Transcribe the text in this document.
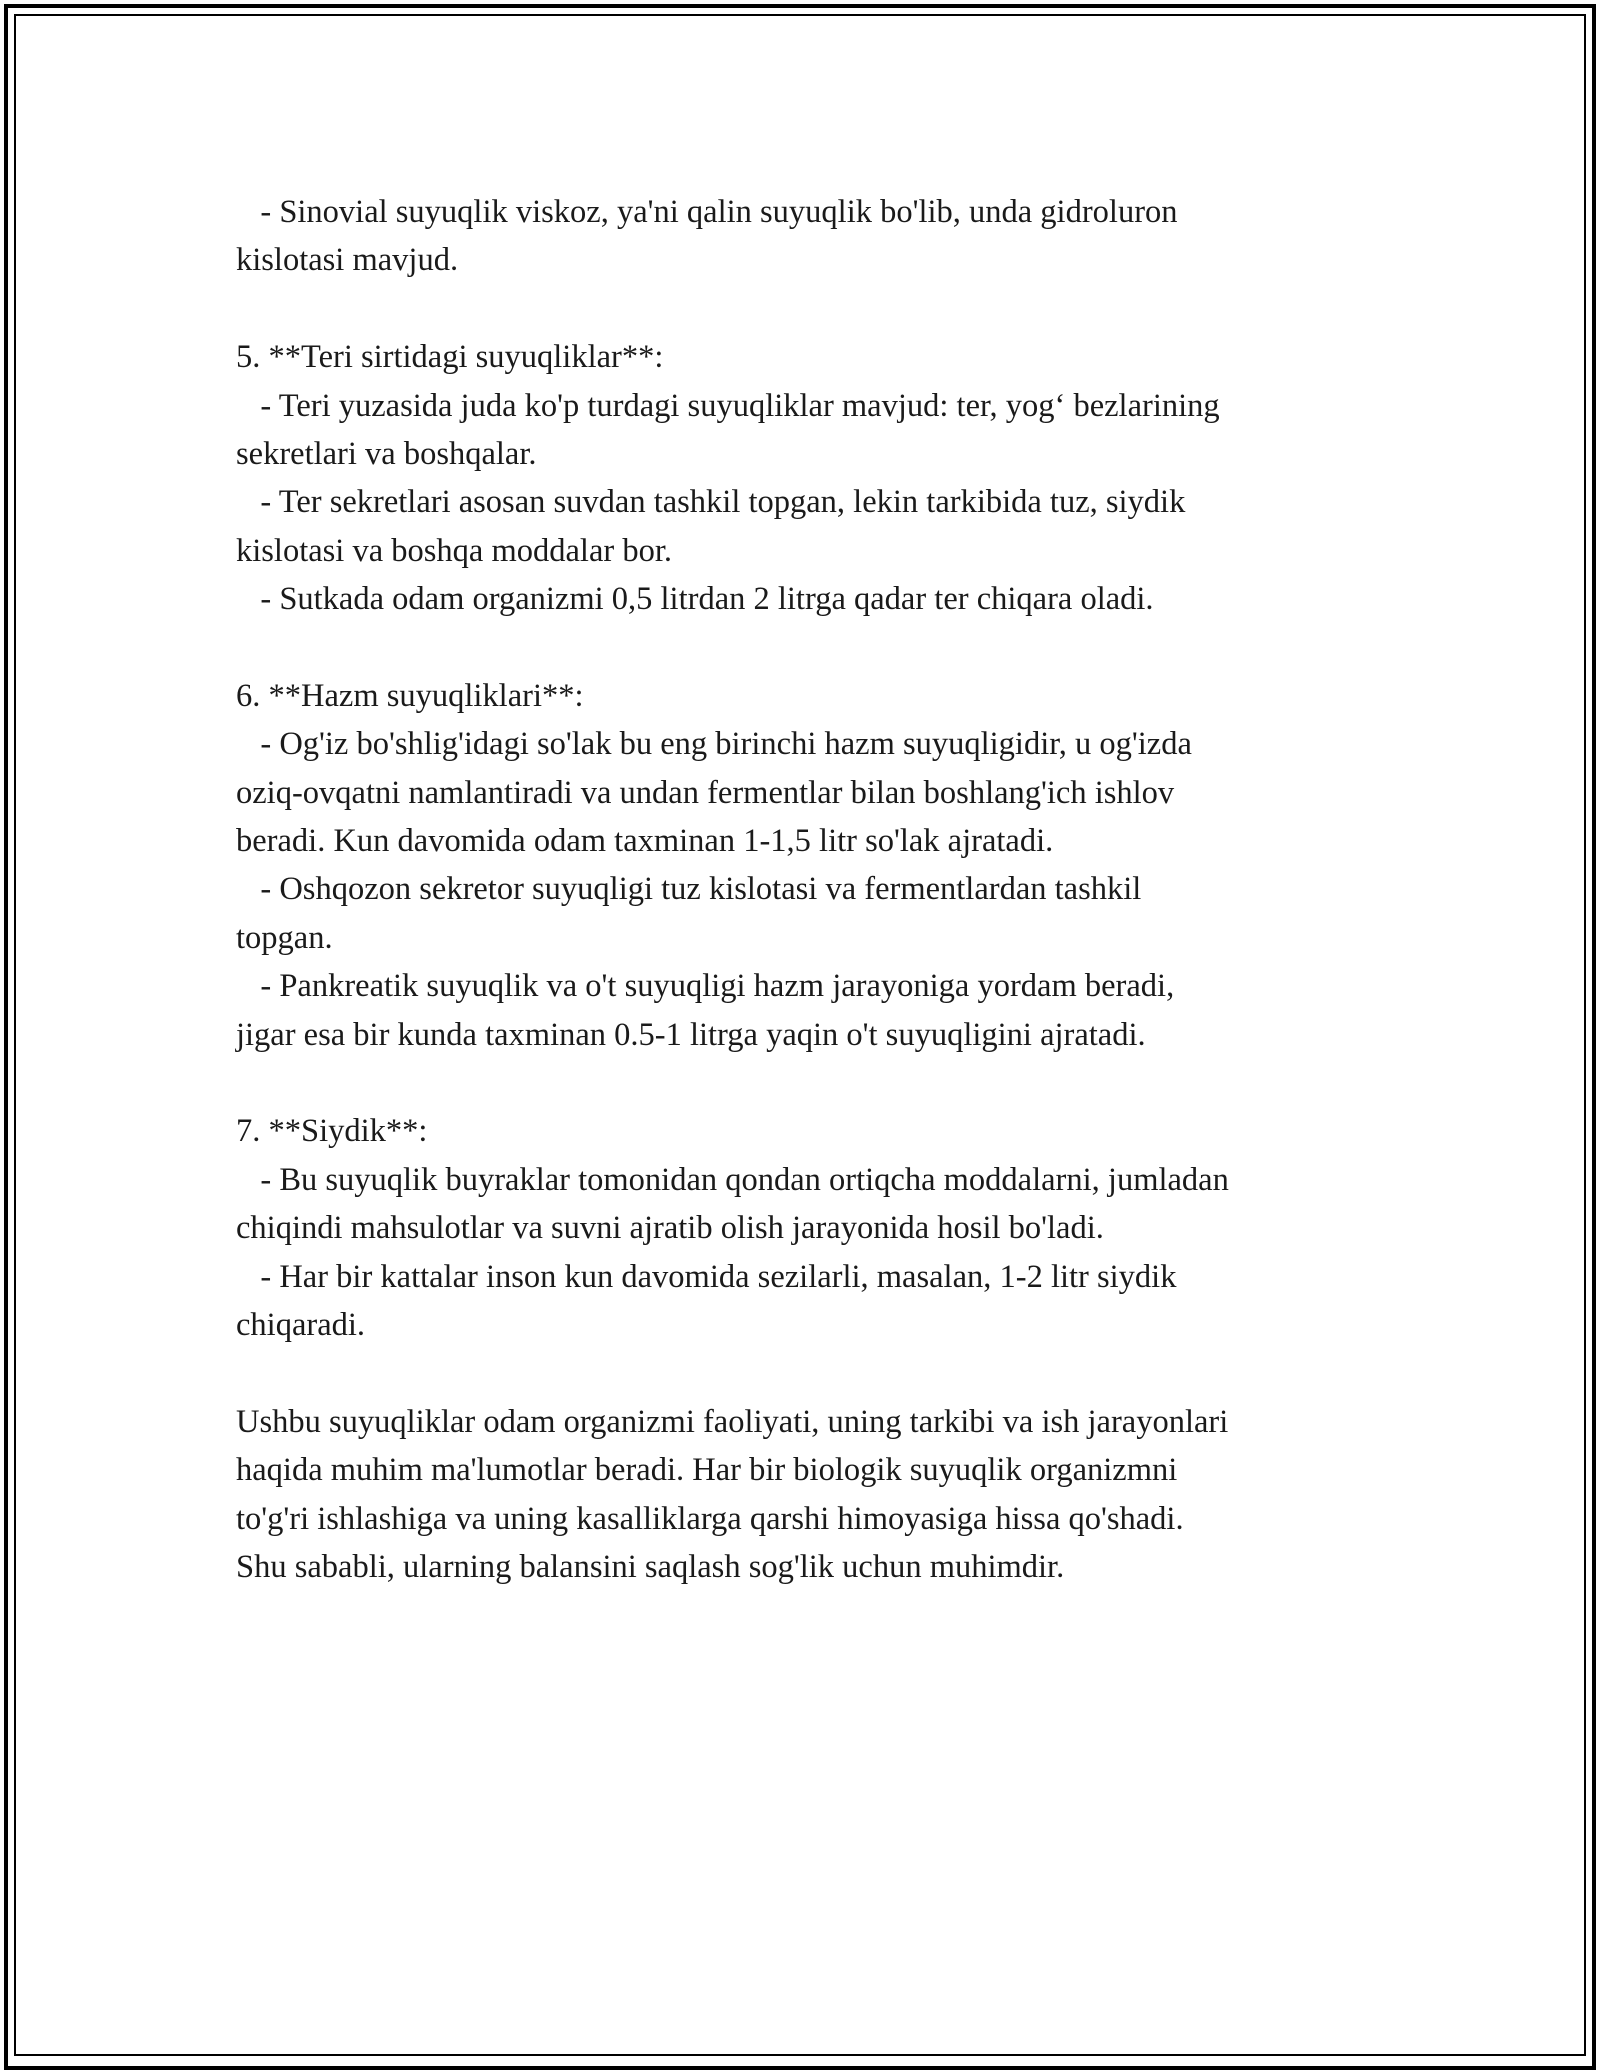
- Sinovial suyuqlik viskoz, ya'ni qalin suyuqlik bo'lib, unda gidroluron
kislotasi mavjud.
5. **Teri sirtidagi suyuqliklar**:
- Teri yuzasida juda ko'p turdagi suyuqliklar mavjud: ter, yog‘ bezlarining
sekretlari va boshqalar.
- Ter sekretlari asosan suvdan tashkil topgan, lekin tarkibida tuz, siydik
kislotasi va boshqa moddalar bor.
- Sutkada odam organizmi 0,5 litrdan 2 litrga qadar ter chiqara oladi.
6. **Hazm suyuqliklari**:
- Og'iz bo'shlig'idagi so'lak bu eng birinchi hazm suyuqligidir, u og'izda
oziq-ovqatni namlantiradi va undan fermentlar bilan boshlang'ich ishlov
beradi. Kun davomida odam taxminan 1-1,5 litr so'lak ajratadi.
- Oshqozon sekretor suyuqligi tuz kislotasi va fermentlardan tashkil
topgan.
- Pankreatik suyuqlik va o't suyuqligi hazm jarayoniga yordam beradi,
jigar esa bir kunda taxminan 0.5-1 litrga yaqin o't suyuqligini ajratadi.
7. **Siydik**:
- Bu suyuqlik buyraklar tomonidan qondan ortiqcha moddalarni, jumladan
chiqindi mahsulotlar va suvni ajratib olish jarayonida hosil bo'ladi.
- Har bir kattalar inson kun davomida sezilarli, masalan, 1-2 litr siydik
chiqaradi.
Ushbu suyuqliklar odam organizmi faoliyati, uning tarkibi va ish jarayonlari
haqida muhim ma'lumotlar beradi. Har bir biologik suyuqlik organizmni
to'g'ri ishlashiga va uning kasalliklarga qarshi himoyasiga hissa qo'shadi.
Shu sababli, ularning balansini saqlash sog'lik uchun muhimdir.
